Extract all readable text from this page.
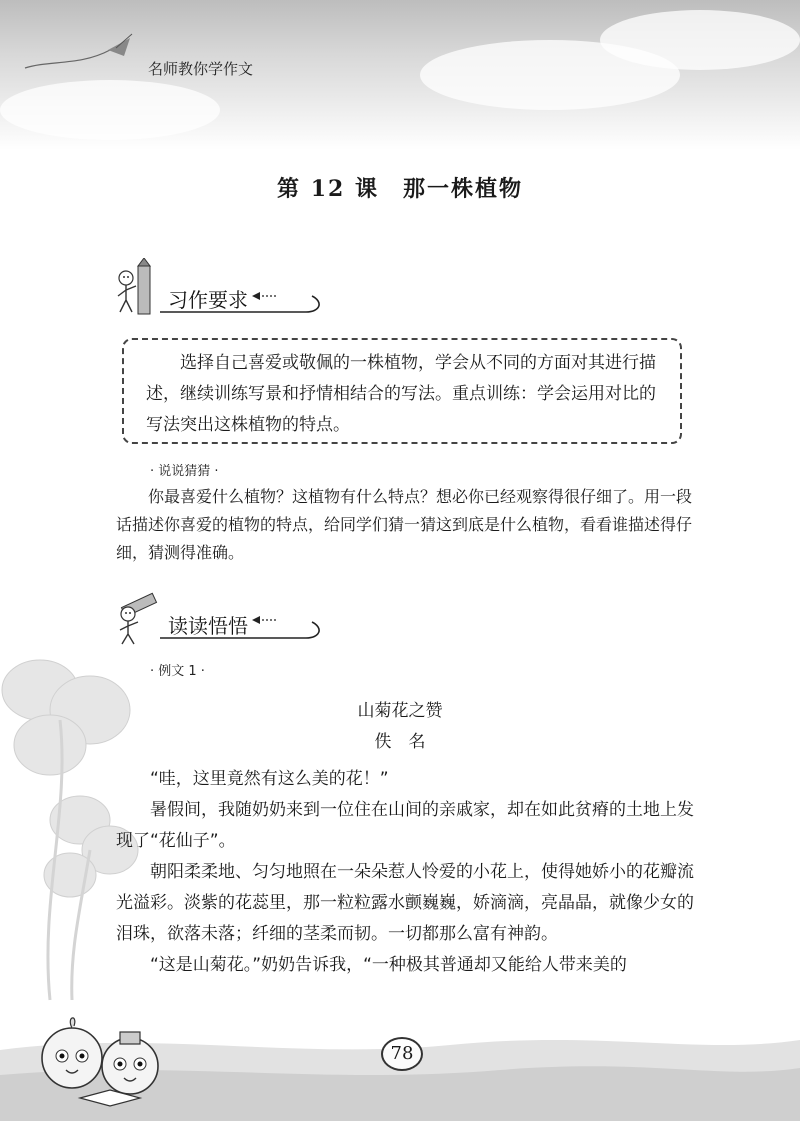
名师教你学作文
第 12 课　那一株植物
习作要求

选择自己喜爱或敬佩的一株植物，学会从不同的方面对其进行描述，继续训练写景和抒情相结合的写法。重点训练：学会运用对比的写法突出这株植物的特点。

· 说说猜猜 ·

你最喜爱什么植物？这植物有什么特点？想必你已经观察得很仔细了。用一段话描述你喜爱的植物的特点，给同学们猜一猜这到底是什么植物，看看谁描述得仔细，猜测得准确。

读读悟悟
· 例文 1 ·
山菊花之赞
佚　名

“哇，这里竟然有这么美的花！”

暑假间，我随奶奶来到一位住在山间的亲戚家，却在如此贫瘠的土地上发现了“花仙子”。

朝阳柔柔地、匀匀地照在一朵朵惹人怜爱的小花上，使得她娇小的花瓣流光溢彩。淡紫的花蕊里，那一粒粒露水颤巍巍，娇滴滴，亮晶晶，就像少女的泪珠，欲落未落；纤细的茎柔而韧。一切都那么富有神韵。

“这是山菊花。”奶奶告诉我，“一种极其普通却又能给人带来美的

78
